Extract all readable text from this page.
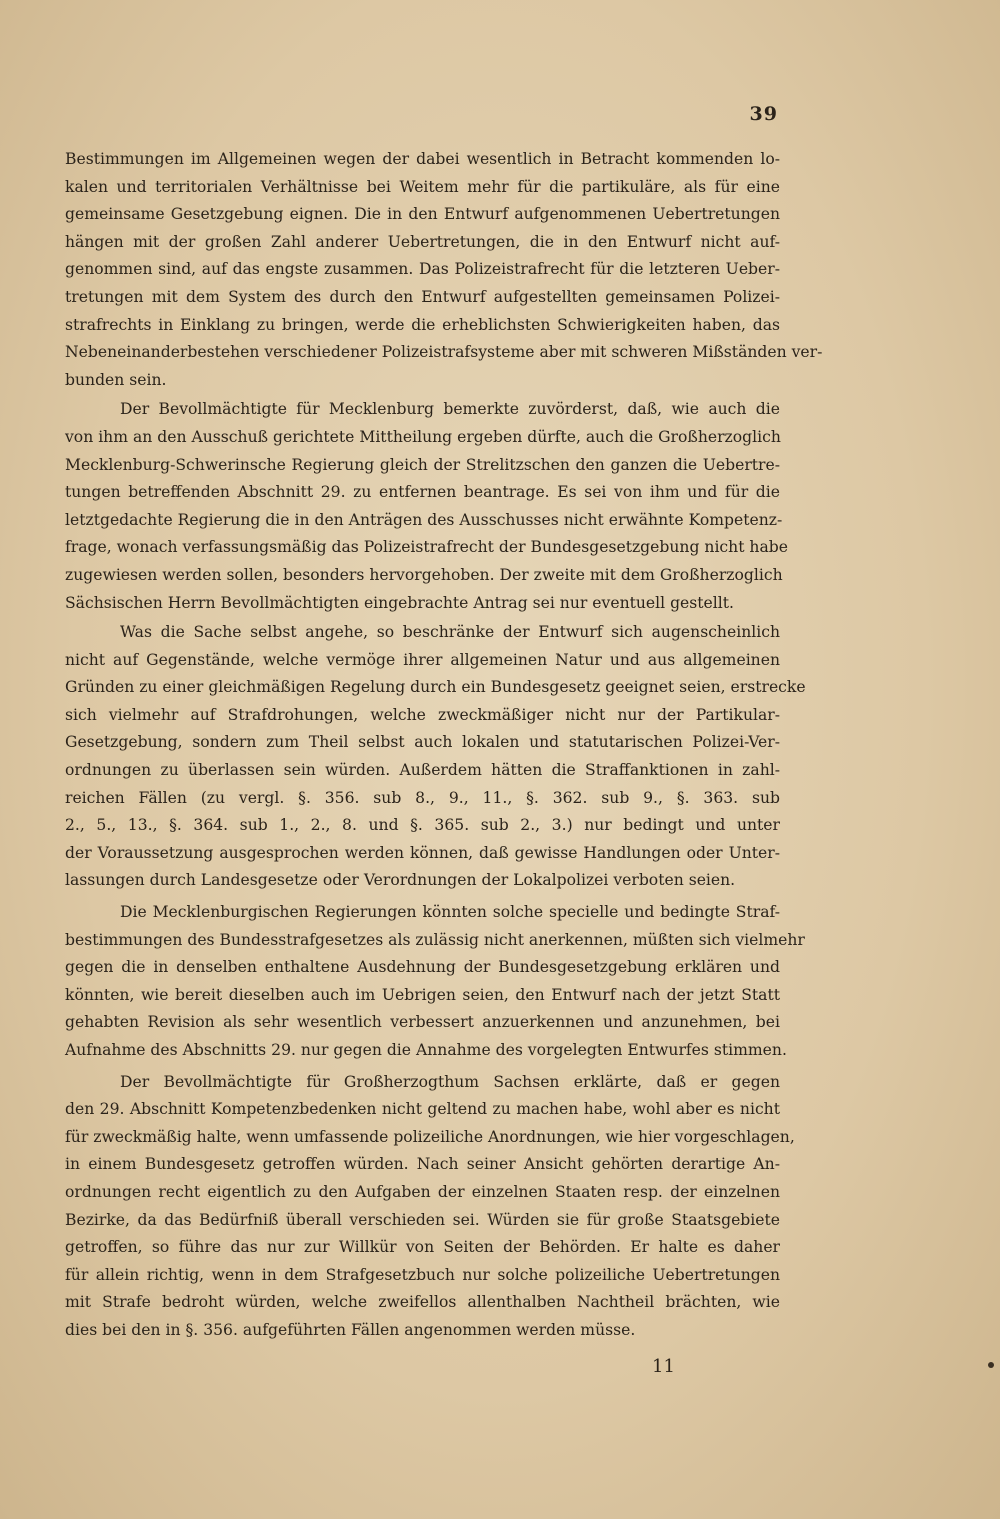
39
Bestimmungen im Allgemeinen wegen der dabei wesentlich in Betracht kommenden lo-
kalen und territorialen Verhältnisse bei Weitem mehr für die partikuläre, als für eine
gemeinsame Gesetzgebung eignen. Die in den Entwurf aufgenommenen Uebertretungen
hängen mit der großen Zahl anderer Uebertretungen, die in den Entwurf nicht auf-
genommen sind, auf das engste zusammen. Das Polizeistrafrecht für die letzteren Ueber-
tretungen mit dem System des durch den Entwurf aufgestellten gemeinsamen Polizei-
strafrechts in Einklang zu bringen, werde die erheblichsten Schwierigkeiten haben, das
Nebeneinanderbestehen verschiedener Polizeistrafsysteme aber mit schweren Mißständen ver-
bunden sein.
Der Bevollmächtigte für Mecklenburg bemerkte zuvörderst, daß, wie auch die
von ihm an den Ausschuß gerichtete Mittheilung ergeben dürfte, auch die Großherzoglich
Mecklenburg-Schwerinsche Regierung gleich der Strelitzschen den ganzen die Uebertre-
tungen betreffenden Abschnitt 29. zu entfernen beantrage. Es sei von ihm und für die
letztgedachte Regierung die in den Anträgen des Ausschusses nicht erwähnte Kompetenz-
frage, wonach verfassungsmäßig das Polizeistrafrecht der Bundesgesetzgebung nicht habe
zugewiesen werden sollen, besonders hervorgehoben. Der zweite mit dem Großherzoglich
Sächsischen Herrn Bevollmächtigten eingebrachte Antrag sei nur eventuell gestellt.
Was die Sache selbst angehe, so beschränke der Entwurf sich augenscheinlich
nicht auf Gegenstände, welche vermöge ihrer allgemeinen Natur und aus allgemeinen
Gründen zu einer gleichmäßigen Regelung durch ein Bundesgesetz geeignet seien, erstrecke
sich vielmehr auf Strafdrohungen, welche zweckmäßiger nicht nur der Partikular-
Gesetzgebung, sondern zum Theil selbst auch lokalen und statutarischen Polizei-Ver-
ordnungen zu überlassen sein würden. Außerdem hätten die Straffanktionen in zahl-
reichen Fällen (zu vergl. §. 356. sub 8., 9., 11., §. 362. sub 9., §. 363. sub
2., 5., 13., §. 364. sub 1., 2., 8. und §. 365. sub 2., 3.) nur bedingt und unter
der Voraussetzung ausgesprochen werden können, daß gewisse Handlungen oder Unter-
lassungen durch Landesgesetze oder Verordnungen der Lokalpolizei verboten seien.
Die Mecklenburgischen Regierungen könnten solche specielle und bedingte Straf-
bestimmungen des Bundesstrafgesetzes als zulässig nicht anerkennen, müßten sich vielmehr
gegen die in denselben enthaltene Ausdehnung der Bundesgesetzgebung erklären und
könnten, wie bereit dieselben auch im Uebrigen seien, den Entwurf nach der jetzt Statt
gehabten Revision als sehr wesentlich verbessert anzuerkennen und anzunehmen, bei
Aufnahme des Abschnitts 29. nur gegen die Annahme des vorgelegten Entwurfes stimmen.
Der Bevollmächtigte für Großherzogthum Sachsen erklärte, daß er gegen
den 29. Abschnitt Kompetenzbedenken nicht geltend zu machen habe, wohl aber es nicht
für zweckmäßig halte, wenn umfassende polizeiliche Anordnungen, wie hier vorgeschlagen,
in einem Bundesgesetz getroffen würden. Nach seiner Ansicht gehörten derartige An-
ordnungen recht eigentlich zu den Aufgaben der einzelnen Staaten resp. der einzelnen
Bezirke, da das Bedürfniß überall verschieden sei. Würden sie für große Staatsgebiete
getroffen, so führe das nur zur Willkür von Seiten der Behörden. Er halte es daher
für allein richtig, wenn in dem Strafgesetzbuch nur solche polizeiliche Uebertretungen
mit Strafe bedroht würden, welche zweifellos allenthalben Nachtheil brächten, wie
dies bei den in §. 356. aufgeführten Fällen angenommen werden müsse.
11
